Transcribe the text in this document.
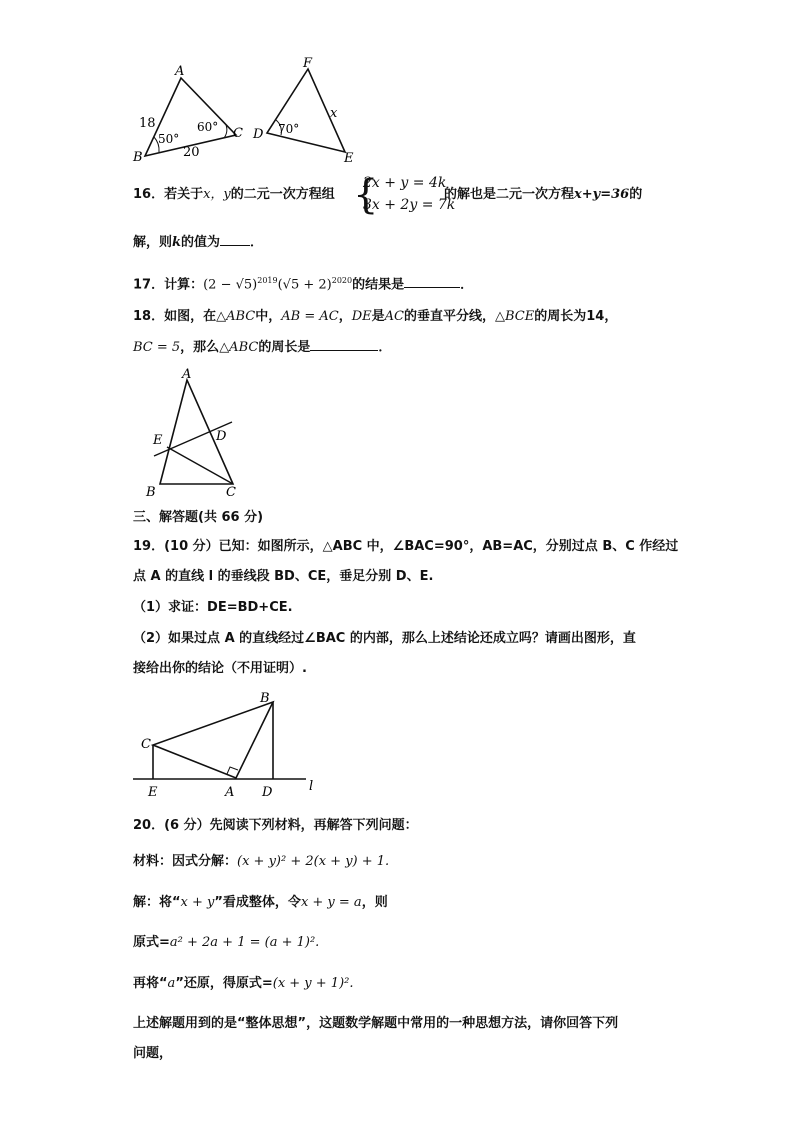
A
B
C
18
20
50°
60°
F
D
E
x
70°
16．若关于x，y的二元一次方程组 {
2x + y = 4k
3x + 2y = 7k
的解也是二元一次方程x+y=36的
解，则k的值为 ．
17．计算：$(2 - √5)^{2019}(√5 + 2)^{2020}$的结果是	．
18．如图，在△ABC中，AB = AC，DE是AC的垂直平分线，△BCE的周长为14，
BC = 5，那么△ABC的周长是	．
A
E	D
B	C
三、解答题(共 66 分)
19．(10 分）已知：如图所示，△ABC 中，∠BAC=90°，AB=AC，分别过点 B、C 作经过
点 A 的直线 l 的垂线段 BD、CE，垂足分别 D、E.
（1）求证：DE=BD+CE.
（2）如果过点 A 的直线经过∠BAC 的内部，那么上述结论还成立吗？请画出图形，直
接给出你的结论（不用证明）.
B
C
E	A D	l
20．(6 分）先阅读下列材料，再解答下列问题：
材料：因式分解：(x + y)² + 2(x + y) + 1.
解：将“x + y”看成整体，令x + y = a，则
原式=a² + 2a + 1 = (a + 1)².
再将“a”还原，得原式=(x + y + 1)².
上述解题用到的是“整体思想”，这题数学解题中常用的一种思想方法，请你回答下列
问题，
